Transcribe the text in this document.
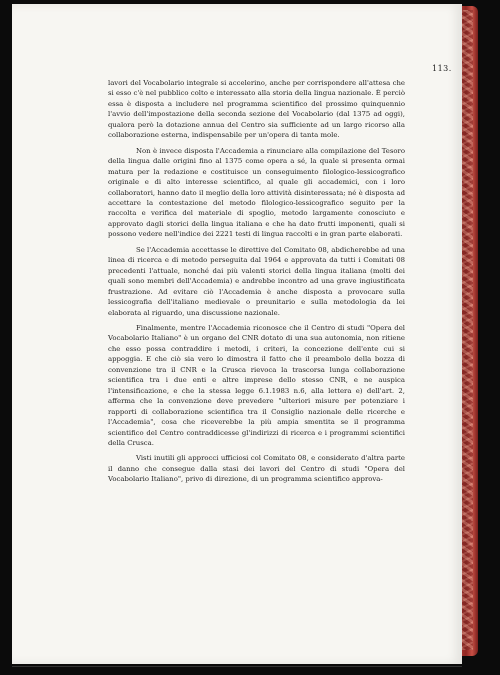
113.

lavori del Vocabolario integrale si accelerino, anche per corrispondere all'attesa che si esso c'è nel pubblico colto e interessato alla storia della lingua nazionale. È perciò essa è disposta a includere nel programma scientifico del prossimo quinquennio l'avvio dell'impostazione della seconda sezione del Vocabolario (dal 1375 ad oggi), qualora però la dotazione annua del Centro sia sufficiente ad un largo ricorso alla collaborazione esterna, indispensabile per un'opera di tanta mole.

Non è invece disposta l'Accademia a rinunciare alla compilazione del Tesoro della lingua dalle origini fino al 1375 come opera a sé, la quale si presenta ormai matura per la redazione e costituisce un conseguimento filologico-lessicografico originale e di alto interesse scientifico, al quale gli accademici, con i loro collaboratori, hanno dato il meglio della loro attività disinteressata; né è disposta ad accettare la contestazione del metodo filologico-lessicografico seguito per la raccolta e verifica del materiale di spoglio, metodo largamente conosciuto e approvato dagli storici della lingua italiana e che ha dato frutti imponenti, quali si possono vedere nell'indice dei 2221 testi di lingua raccolti e in gran parte elaborati.

Se l'Accademia accettasse le direttive del Comitato 08, abdicherebbe ad una linea di ricerca e di metodo perseguita dal 1964 e approvata da tutti i Comitati 08 precedenti l'attuale, nonché dai più valenti storici della lingua italiana (molti dei quali sono membri dell'Accademia) e andrebbe incontro ad una grave ingiustificata frustrazione. Ad evitare ciò l'Accademia è anche disposta a provocare sulla lessicografia dell'italiano medievale o preunitario e sulla metodologia da lei elaborata al riguardo, una discussione nazionale.

Finalmente, mentre l'Accademia riconosce che il Centro di studi "Opera del Vocabolario Italiano" è un organo del CNR dotato di una sua autonomia, non ritiene che esso possa contraddire i metodi, i criteri, la concezione dell'ente cui si appoggia. E che ciò sia vero lo dimostra il fatto che il preambolo della bozza di convenzione tra il CNR e la Crusca rievoca la trascorsa lunga collaborazione scientifica tra i due enti e altre imprese dello stesso CNR, e ne auspica l'intensificazione, e che la stessa legge 6.1.1983 n.6, alla lettera e) dell'art. 2, afferma che la convenzione deve prevedere "ulteriori misure per potenziare i rapporti di collaborazione scientifica tra il Consiglio nazionale delle ricerche e l'Accademia", cosa che riceverebbe la più ampia smentita se il programma scientifico del Centro contraddicesse gl'indirizzi di ricerca e i programmi scientifici della Crusca.

Visti inutili gli approcci ufficiosi col Comitato 08, e considerato d'altra parte il danno che consegue dalla stasi dei lavori del Centro di studi "Opera del Vocabolario Italiano", privo di direzione, di un programma scientifico approva-
